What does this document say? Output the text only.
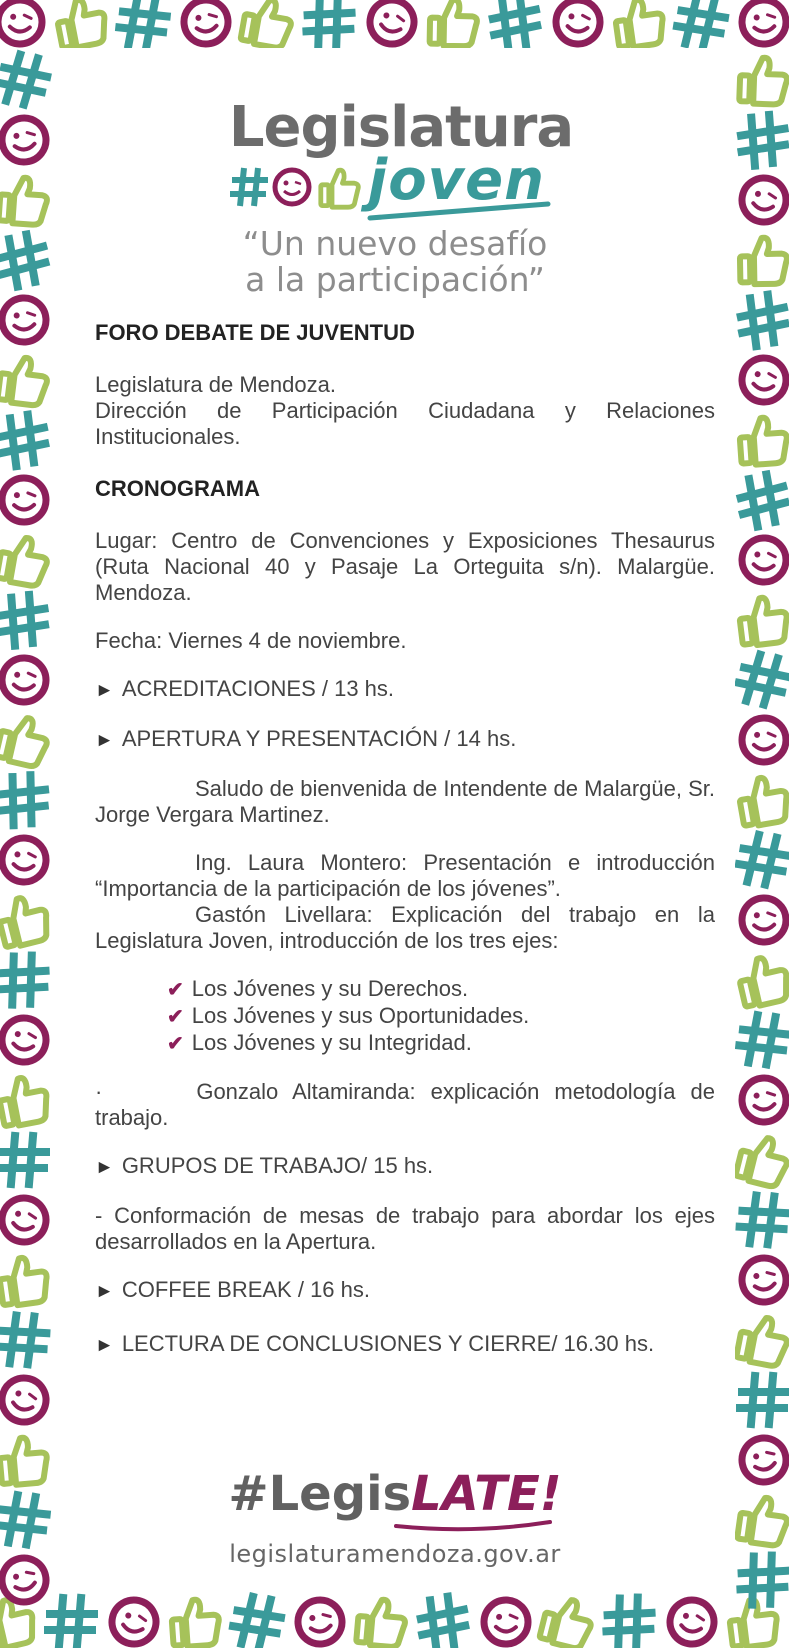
Legislatura
joven
“Un nuevo desafío
a la participación”

FORO DEBATE DE JUVENTUD

Legislatura de Mendoza.

Dirección de Participación Ciudadana y Relaciones Institucionales.

CRONOGRAMA

Lugar: Centro de Convenciones y Exposiciones Thesaurus (Ruta Nacional 40 y Pasaje La Orteguita s/n). Malargüe. Mendoza.

Fecha: Viernes 4 de noviembre.

► ACREDITACIONES / 13 hs.
► APERTURA Y PRESENTACIÓN / 14 hs.

Saludo de bienvenida de Intendente de Malargüe, Sr. Jorge Vergara Martinez.

Ing. Laura Montero: Presentación e introducción “Importancia de la participación de los jóvenes”.

Gastón Livellara: Explicación del trabajo en la Legislatura Joven, introducción de los tres ejes:

✔ Los Jóvenes y su Derechos.
✔ Los Jóvenes y sus Oportunidades.
✔ Los Jóvenes y su Integridad.

·	Gonzalo Altamiranda: explicación metodología de trabajo.

► GRUPOS DE TRABAJO/ 15 hs.

- Conformación de mesas de trabajo para abordar los ejes desarrollados en la Apertura.

► COFFEE BREAK / 16 hs.
► LECTURA DE CONCLUSIONES Y CIERRE/ 16.30 hs.
#LegisLATE!
legislaturamendoza.gov.ar
